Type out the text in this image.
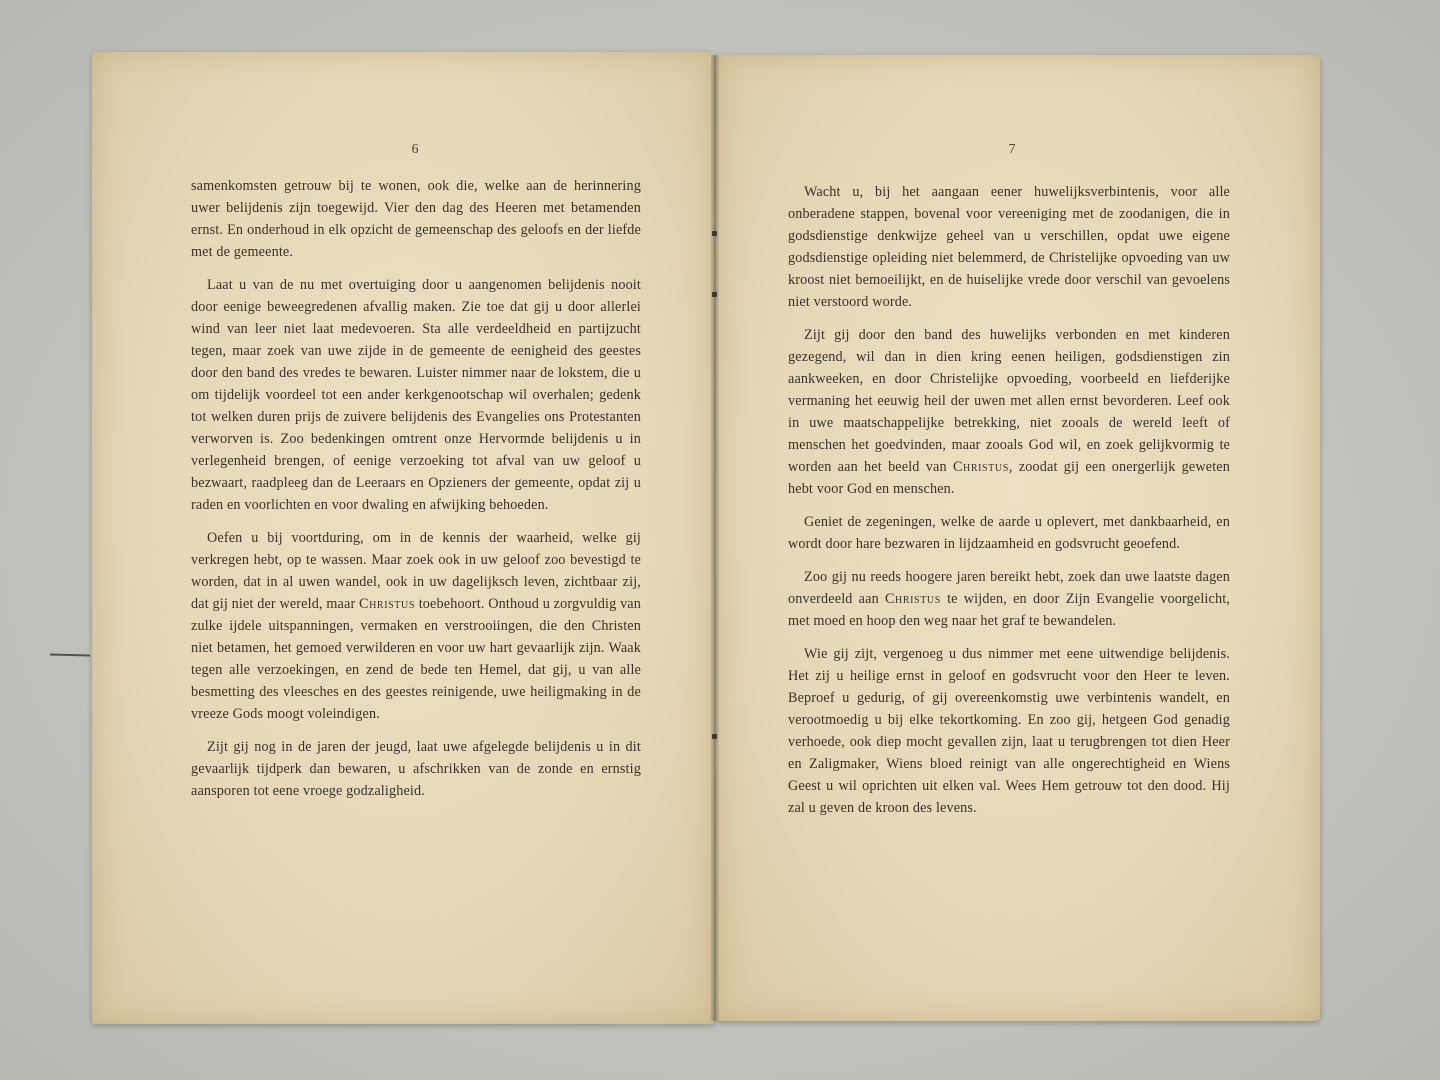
6	7

samenkomsten getrouw bij te wonen, ook die, welke aan de herinnering uwer belijdenis zijn toegewijd. Vier den dag des Heeren met betamenden ernst. En onderhoud in elk opzicht de gemeenschap des geloofs en der liefde met de gemeente.

Laat u van de nu met overtuiging door u aangenomen belijdenis nooit door eenige beweegredenen afvallig maken. Zie toe dat gij u door allerlei wind van leer niet laat medevoeren. Sta alle verdeeldheid en partijzucht tegen, maar zoek van uwe zijde in de gemeente de eenigheid des geestes door den band des vredes te bewaren. Luister nimmer naar de lokstem, die u om tijdelijk voordeel tot een ander kerkgenootschap wil overhalen; gedenk tot welken duren prijs de zuivere belijdenis des Evangelies ons Protestanten verworven is. Zoo bedenkingen omtrent onze Hervormde belijdenis u in verlegenheid brengen, of eenige verzoeking tot afval van uw geloof u bezwaart, raadpleeg dan de Leeraars en Opzieners der gemeente, opdat zij u raden en voorlichten en voor dwaling en afwijking behoeden.

Oefen u bij voortduring, om in de kennis der waarheid, welke gij verkregen hebt, op te wassen. Maar zoek ook in uw geloof zoo bevestigd te worden, dat in al uwen wandel, ook in uw dagelijksch leven, zichtbaar zij, dat gij niet der wereld, maar Christus toebehoort. Onthoud u zorgvuldig van zulke ijdele uitspanningen, vermaken en verstrooiingen, die den Christen niet betamen, het gemoed verwilderen en voor uw hart gevaarlijk zijn. Waak tegen alle verzoekingen, en zend de bede ten Hemel, dat gij, u van alle besmetting des vleesches en des geestes reinigende, uwe heiligmaking in de vreeze Gods moogt voleindigen.

Zijt gij nog in de jaren der jeugd, laat uwe afgelegde belijdenis u in dit gevaarlijk tijdperk dan bewaren, u afschrikken van de zonde en ernstig aansporen tot eene vroege godzaligheid.

Wacht u, bij het aangaan eener huwelijksverbintenis, voor alle onberadene stappen, bovenal voor vereeniging met de zoodanigen, die in godsdienstige denkwijze geheel van u verschillen, opdat uwe eigene godsdienstige opleiding niet belemmerd, de Christelijke opvoeding van uw kroost niet bemoeilijkt, en de huiselijke vrede door verschil van gevoelens niet verstoord worde.

Zijt gij door den band des huwelijks verbonden en met kinderen gezegend, wil dan in dien kring eenen heiligen, godsdienstigen zin aankweeken, en door Christelijke opvoeding, voorbeeld en liefderijke vermaning het eeuwig heil der uwen met allen ernst bevorderen. Leef ook in uwe maatschappelijke betrekking, niet zooals de wereld leeft of menschen het goedvinden, maar zooals God wil, en zoek gelijkvormig te worden aan het beeld van Christus, zoodat gij een onergerlijk geweten hebt voor God en menschen.

Geniet de zegeningen, welke de aarde u oplevert, met dankbaarheid, en wordt door hare bezwaren in lijdzaamheid en godsvrucht geoefend.

Zoo gij nu reeds hoogere jaren bereikt hebt, zoek dan uwe laatste dagen onverdeeld aan Christus te wijden, en door Zijn Evangelie voorgelicht, met moed en hoop den weg naar het graf te bewandelen.

Wie gij zijt, vergenoeg u dus nimmer met eene uitwendige belijdenis. Het zij u heilige ernst in geloof en godsvrucht voor den Heer te leven. Beproef u gedurig, of gij overeenkomstig uwe verbintenis wandelt, en verootmoedig u bij elke tekortkoming. En zoo gij, hetgeen God genadig verhoede, ook diep mocht gevallen zijn, laat u terugbrengen tot dien Heer en Zaligmaker, Wiens bloed reinigt van alle ongerechtigheid en Wiens Geest u wil oprichten uit elken val. Wees Hem getrouw tot den dood. Hij zal u geven de kroon des levens.
